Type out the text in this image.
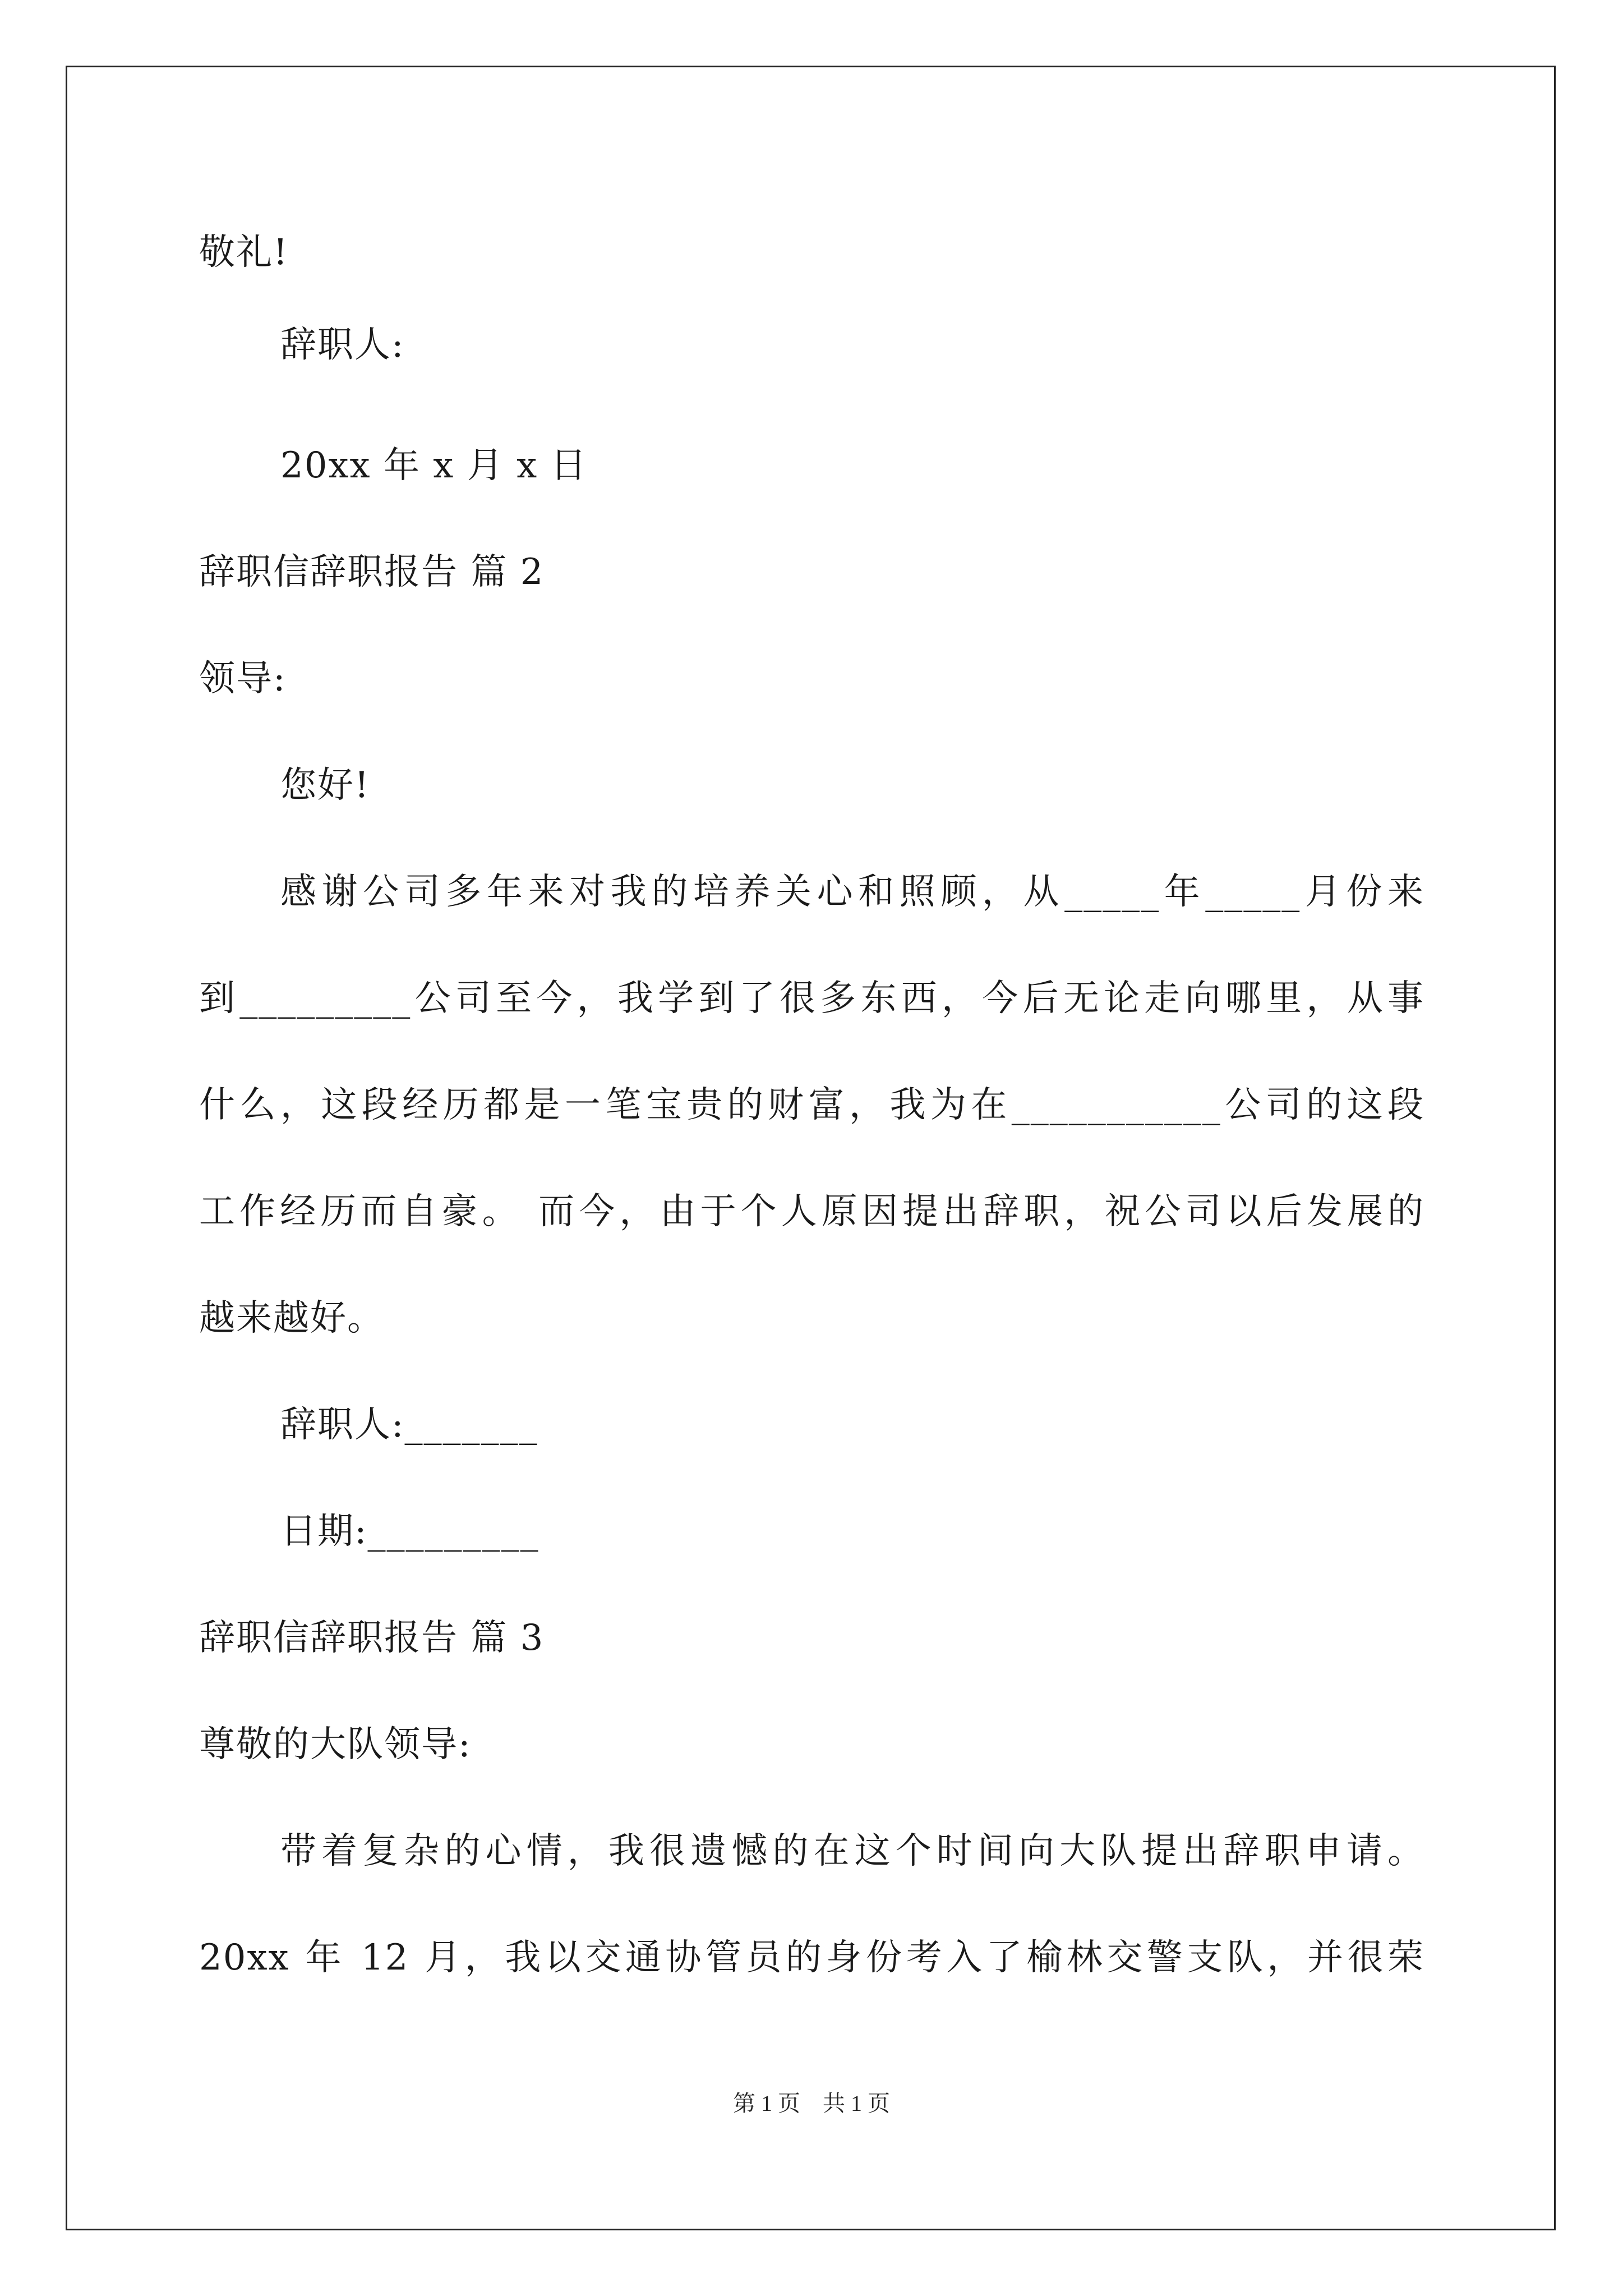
敬礼!
辞职人:
20xx 年 x 月 x 日
辞职信辞职报告 篇 2
领导:
您好!
感谢公司多年来对我的培养关心和照顾，从_____年_____月份来
到_________公司至今，我学到了很多东西，今后无论走向哪里，从事
什么，这段经历都是一笔宝贵的财富，我为在___________公司的这段
工作经历而自豪。 而今，由于个人原因提出辞职，祝公司以后发展的
越来越好。
辞职人:_______
日期:_________
辞职信辞职报告 篇 3
尊敬的大队领导:
带着复杂的心情，我很遗憾的在这个时间向大队提出辞职申请。
20xx 年 12 月，我以交通协管员的身份考入了榆林交警支队，并很荣
第 1 页　共 1 页
